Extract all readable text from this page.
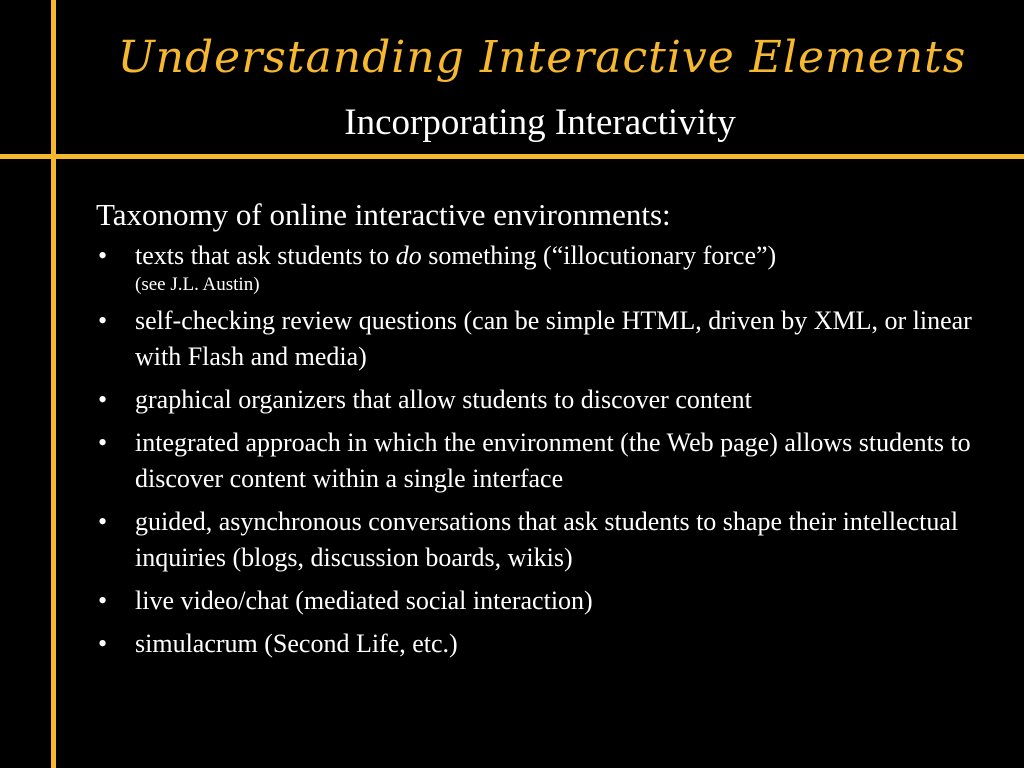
Understanding Interactive Elements
Incorporating Interactivity

Taxonomy of online interactive environments:

• texts that ask students to do something (“illocutionary force”)
(see J.L. Austin)
• self-checking review questions (can be simple HTML, driven by XML, or linear with Flash and media)
• graphical organizers that allow students to discover content
• integrated approach in which the environment (the Web page) allows students to discover content within a single interface
• guided, asynchronous conversations that ask students to shape their intellectual inquiries (blogs, discussion boards, wikis)
• live video/chat (mediated social interaction)
• simulacrum (Second Life, etc.)
